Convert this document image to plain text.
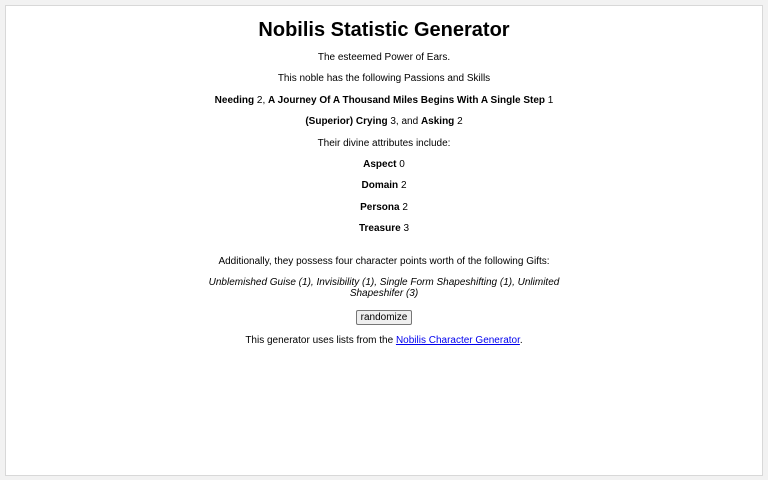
Nobilis Statistic Generator

The esteemed Power of Ears.

This noble has the following Passions and Skills

Needing 2, A Journey Of A Thousand Miles Begins With A Single Step 1

(Superior) Crying 3, and Asking 2

Their divine attributes include:

Aspect 0

Domain 2

Persona 2

Treasure 3

Additionally, they possess four character points worth of the following Gifts:

Unblemished Guise (1), Invisibility (1), Single Form Shapeshifting (1), Unlimited Shapeshifer (3)

randomize

This generator uses lists from the Nobilis Character Generator.
